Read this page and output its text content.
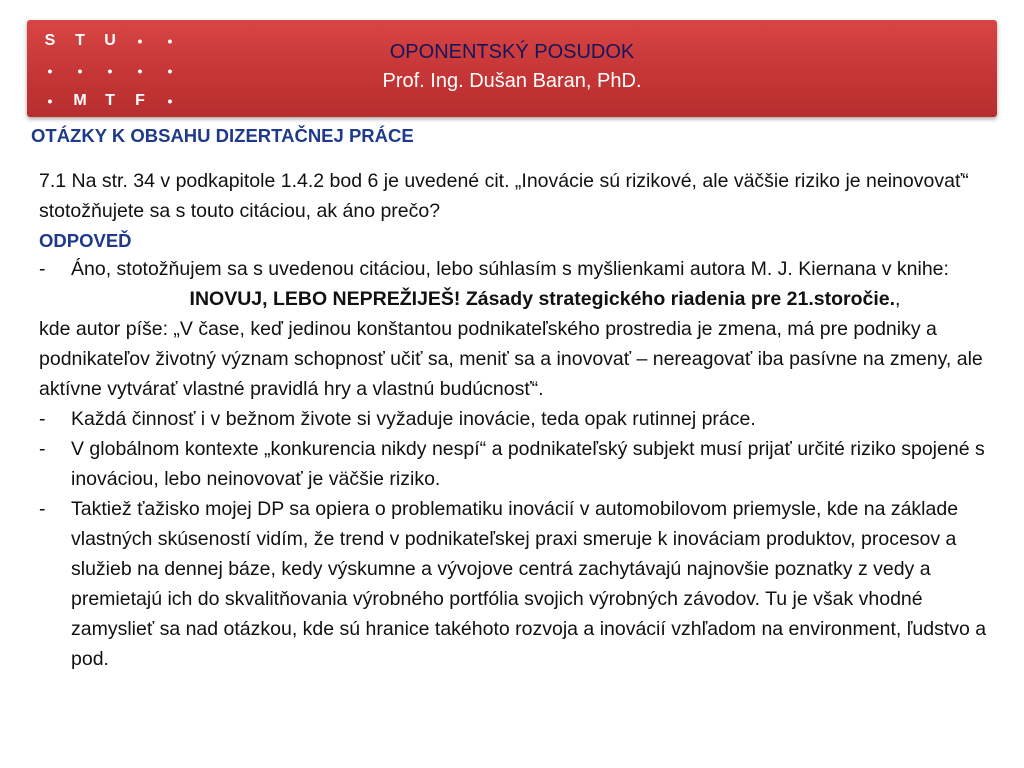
S	T	U	•	•
•	•	•	•	•
•	M	T	F	•
OPONENTSKÝ POSUDOK
Prof. Ing. Dušan Baran, PhD.
OTÁZKY K OBSAHU DIZERTAČNEJ PRÁCE

7.1 Na str. 34 v podkapitole 1.4.2 bod 6 je uvedené cit. „Inovácie sú rizikové, ale väčšie riziko je neinovovať“ stotožňujete sa s touto citáciou, ak áno prečo?

ODPOVEĎ

- Áno, stotožňujem sa s uvedenou citáciou, lebo súhlasím s myšlienkami autora M. J. Kiernana v knihe:

INOVUJ, LEBO NEPREŽIJEŠ! Zásady strategického riadenia pre 21.storočie.,

kde autor píše: „V čase, keď jedinou konštantou podnikateľského prostredia je zmena, má pre podniky a podnikateľov životný význam schopnosť učiť sa, meniť sa a inovovať – nereagovať iba pasívne na zmeny, ale aktívne vytvárať vlastné pravidlá hry a vlastnú budúcnosť“.

- Každá činnosť i v bežnom živote si vyžaduje inovácie, teda opak rutinnej práce.

- V globálnom kontexte „konkurencia nikdy nespí“ a podnikateľský subjekt musí prijať určité riziko spojené s inováciou, lebo neinovovať je väčšie riziko.

- Taktiež ťažisko mojej DP sa opiera o problematiku inovácií v automobilovom priemysle, kde na základe vlastných skúseností vidím, že trend v podnikateľskej praxi smeruje k inováciam produktov, procesov a služieb na dennej báze, kedy výskumne a vývojove centrá zachytávajú najnovšie poznatky z vedy a premietajú ich do skvalitňovania výrobného portfólia svojich výrobných závodov. Tu je však vhodné zamyslieť sa nad otázkou, kde sú hranice takéhoto rozvoja a inovácií vzhľadom na environment, ľudstvo a pod.
